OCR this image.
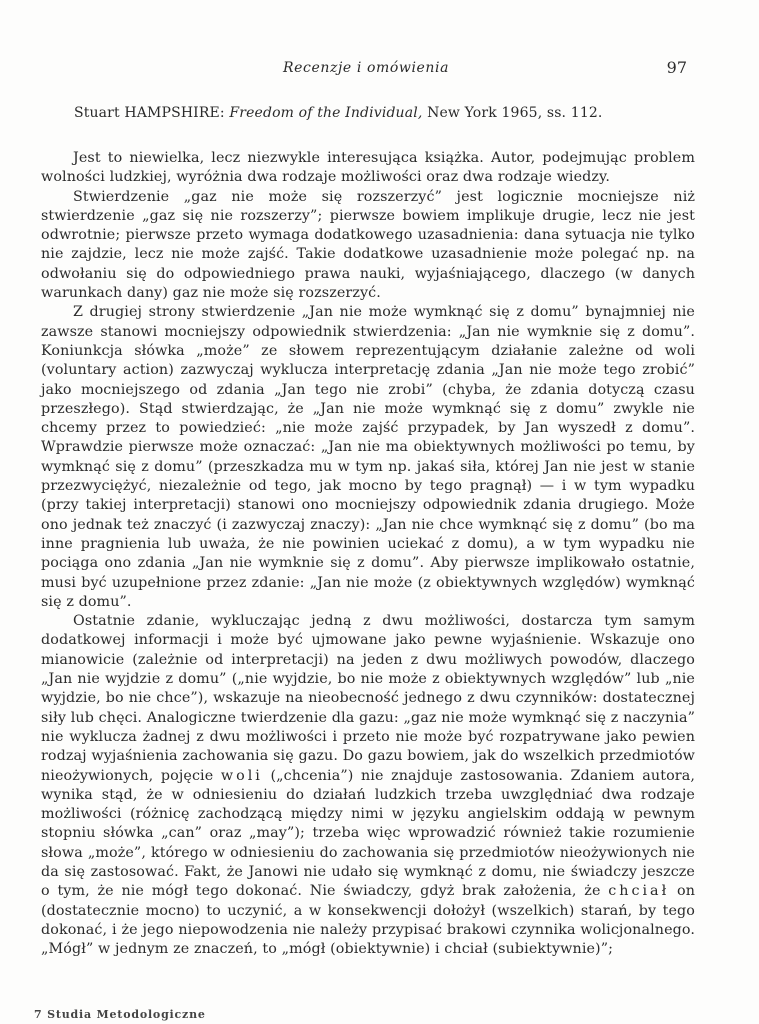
Recenzje i omówienia	97
Stuart HAMPSHIRE: Freedom of the Individual, New York 1965, ss. 112.

Jest to niewielka, lecz niezwykle interesująca książka. Autor, podejmując problem wolności ludzkiej, wyróżnia dwa rodzaje możliwości oraz dwa rodzaje wiedzy.

Stwierdzenie „gaz nie może się rozszerzyć” jest logicznie mocniejsze niż stwierdzenie „gaz się nie rozszerzy”; pierwsze bowiem implikuje drugie, lecz nie jest odwrotnie; pierwsze przeto wymaga dodatkowego uzasadnienia: dana sytuacja nie tylko nie zajdzie, lecz nie może zajść. Takie dodatkowe uzasadnienie może polegać np. na odwołaniu się do odpowiedniego prawa nauki, wyjaśniającego, dlaczego (w danych warunkach dany) gaz nie może się rozszerzyć.

Z drugiej strony stwierdzenie „Jan nie może wymknąć się z domu” bynajmniej nie zawsze stanowi mocniejszy odpowiednik stwierdzenia: „Jan nie wymknie się z domu”. Koniunkcja słówka „może” ze słowem reprezentującym działanie zależne od woli (voluntary action) zazwyczaj wyklucza interpretację zdania „Jan nie może tego zrobić” jako mocniejszego od zdania „Jan tego nie zrobi” (chyba, że zdania dotyczą czasu przeszłego). Stąd stwierdzając, że „Jan nie może wymknąć się z domu” zwykle nie chcemy przez to powiedzieć: „nie może zajść przypadek, by Jan wyszedł z domu”. Wprawdzie pierwsze może oznaczać: „Jan nie ma obiektywnych możliwości po temu, by wymknąć się z domu” (przeszkadza mu w tym np. jakaś siła, której Jan nie jest w stanie przezwyciężyć, niezależnie od tego, jak mocno by tego pragnął) — i w tym wypadku (przy takiej interpretacji) stanowi ono mocniejszy odpowiednik zdania drugiego. Może ono jednak też znaczyć (i zazwyczaj znaczy): „Jan nie chce wymknąć się z domu” (bo ma inne pragnienia lub uważa, że nie powinien uciekać z domu), a w tym wypadku nie pociąga ono zdania „Jan nie wymknie się z domu”. Aby pierwsze implikowało ostatnie, musi być uzupełnione przez zdanie: „Jan nie może (z obiektywnych względów) wymknąć się z domu”.

Ostatnie zdanie, wykluczając jedną z dwu możliwości, dostarcza tym samym dodatkowej informacji i może być ujmowane jako pewne wyjaśnienie. Wskazuje ono mianowicie (zależnie od interpretacji) na jeden z dwu możliwych powodów, dlaczego „Jan nie wyjdzie z domu” („nie wyjdzie, bo nie może z obiektywnych względów” lub „nie wyjdzie, bo nie chce”), wskazuje na nieobecność jednego z dwu czynników: dostatecznej siły lub chęci. Analogiczne twierdzenie dla gazu: „gaz nie może wymknąć się z naczynia” nie wyklucza żadnej z dwu możliwości i przeto nie może być rozpatrywane jako pewien rodzaj wyjaśnienia zachowania się gazu. Do gazu bowiem, jak do wszelkich przedmiotów nieożywionych, pojęcie woli („chcenia”) nie znajduje zastosowania. Zdaniem autora, wynika stąd, że w odniesieniu do działań ludzkich trzeba uwzględniać dwa rodzaje możliwości (różnicę zachodzącą między nimi w języku angielskim oddają w pewnym stopniu słówka „can” oraz „may”); trzeba więc wprowadzić również takie rozumienie słowa „może”, którego w odniesieniu do zachowania się przedmiotów nieożywionych nie da się zastosować. Fakt, że Janowi nie udało się wymknąć z domu, nie świadczy jeszcze o tym, że nie mógł tego dokonać. Nie świadczy, gdyż brak założenia, że chciał on (dostatecznie mocno) to uczynić, a w konsekwencji dołożył (wszelkich) starań, by tego dokonać, i że jego niepowodzenia nie należy przypisać brakowi czynnika wolicjonalnego. „Mógł” w jednym ze znaczeń, to „mógł (obiektywnie) i chciał (subiektywnie)”;

7 Studia Metodologiczne
